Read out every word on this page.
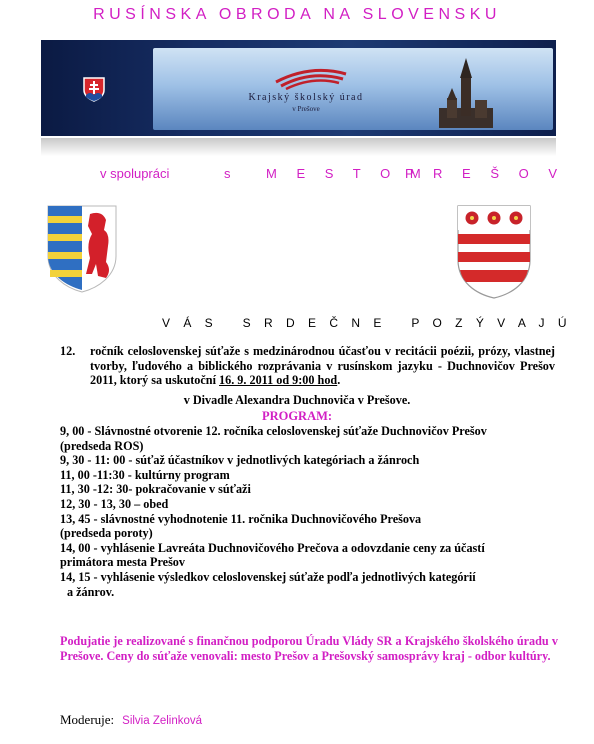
RUSÍNSKA OBRODA NA SLOVENSKU
Krajský školský úrad
v Prešove
v spolupráci	s	M E S T O M
P R E Š O V
V Á S   S R D E Č N E   P O Z Ý V A J Ú
12. ročník celoslovenskej súťaže s medzinárodnou účasťou v recitácii poézii, prózy, vlastnej tvorby, ľudového a biblického rozprávania v rusínskom jazyku - Duchnovičov Prešov 2011, ktorý sa uskutoční 16. 9. 2011 od 9:00 hod.
v Divadle Alexandra Duchnoviča v Prešove.
PROGRAM:
9, 00 - Slávnostné otvorenie 12. ročníka celoslovenskej súťaže Duchnovičov Prešov
(predseda ROS)
9, 30 - 11: 00 - súťaž účastníkov v jednotlivých kategóriach a žánroch
11, 00 -11:30 - kultúrny program
11, 30 -12: 30- pokračovanie v súťaži
12, 30 - 13, 30 – obed
13, 45 - slávnostné vyhodnotenie 11. ročnika Duchnovičového Prešova
(predseda poroty)
14, 00 - vyhlásenie Lavreáta Duchnovičového Prečova a odovzdanie ceny za účastí
primátora mesta Prešov
14, 15 - vyhlásenie výsledkov celoslovenskej súťaže podľa jednotlivých kategórií
a žánrov.
Podujatie je realizované s finančnou podporou Úradu Vlády SR a Krajského školského úradu v Prešove. Ceny do súťaže venovali: mesto Prešov a Prešovský samosprávy kraj - odbor kultúry.
Moderuje: Silvia Zelinková
